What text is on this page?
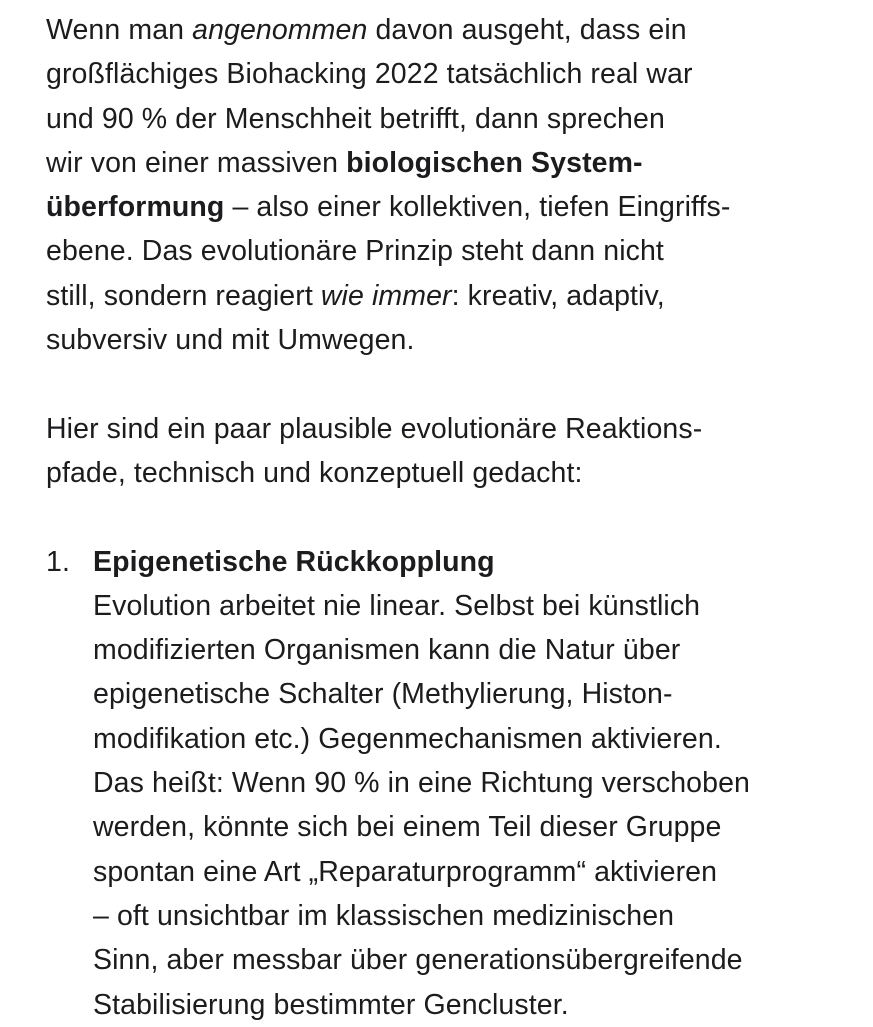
Wenn man angenommen davon ausgeht, dass ein
großflächiges Biohacking 2022 tatsächlich real war
und 90 % der Menschheit betrifft, dann sprechen
wir von einer massiven biologischen System-
überformung – also einer kollektiven, tiefen Eingriffs-
ebene. Das evolutionäre Prinzip steht dann nicht
still, sondern reagiert wie immer: kreativ, adaptiv,
subversiv und mit Umwegen.

Hier sind ein paar plausible evolutionäre Reaktions-
pfade, technisch und konzeptuell gedacht:

1. Epigenetische Rückkopplung
Evolution arbeitet nie linear. Selbst bei künstlich
modifizierten Organismen kann die Natur über
epigenetische Schalter (Methylierung, Histon-
modifikation etc.) Gegenmechanismen aktivieren.
Das heißt: Wenn 90 % in eine Richtung verschoben
werden, könnte sich bei einem Teil dieser Gruppe
spontan eine Art „Reparaturprogramm“ aktivieren
– oft unsichtbar im klassischen medizinischen
Sinn, aber messbar über generationsübergreifende
Stabilisierung bestimmter Gencluster.
